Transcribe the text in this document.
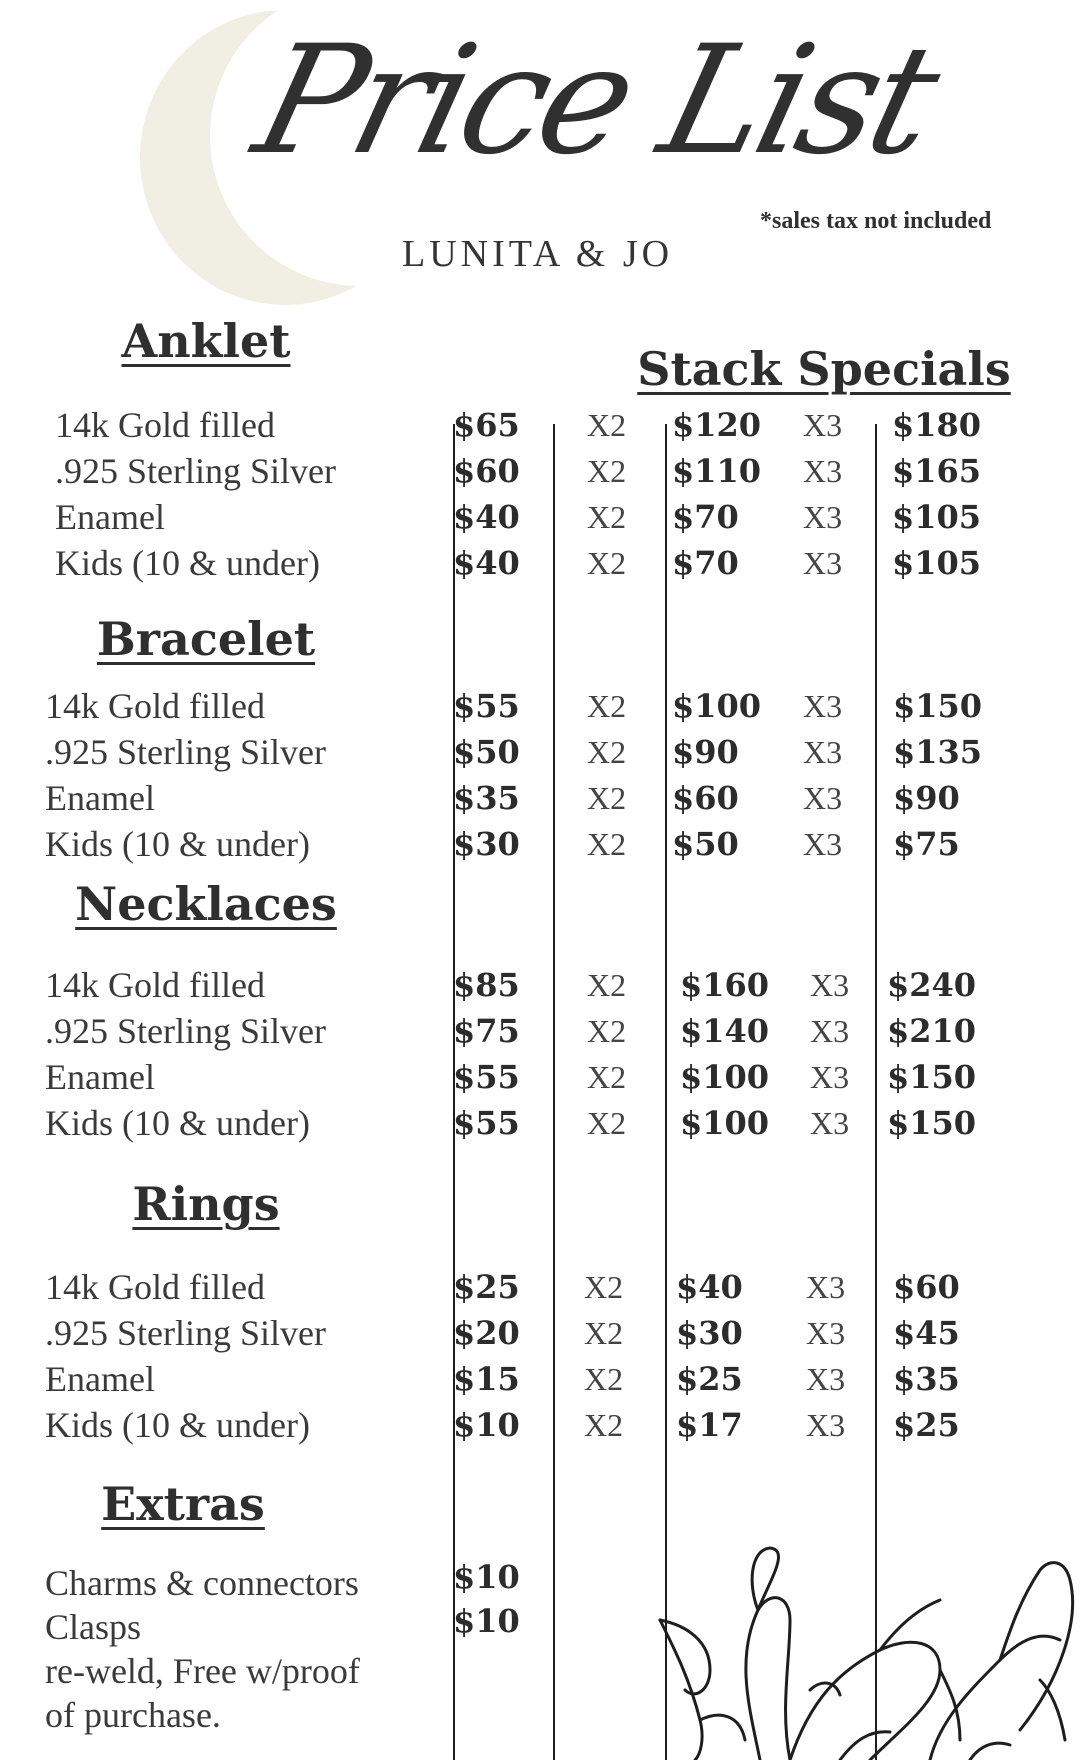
Price List
LUNITA & JO
*sales tax not included
Stack Specials
Anklet
14k Gold filled	$65 X2 $120 X3 $180
.925 Sterling Silver	$60 X2 $110 X3 $165
Enamel	$40 X2 $70 X3 $105
Kids (10 & under)	$40 X2 $70 X3 $105
Bracelet
14k Gold filled	$55 X2 $100 X3 $150
.925 Sterling Silver	$50 X2 $90 X3 $135
Enamel	$35 X2 $60 X3 $90
Kids (10 & under)	$30 X2 $50 X3 $75
Necklaces
14k Gold filled	$85 X2 $160 X3 $240
.925 Sterling Silver	$75 X2 $140 X3 $210
Enamel	$55 X2 $100 X3 $150
Kids (10 & under)	$55 X2 $100 X3 $150
Rings
14k Gold filled	$25 X2 $40 X3 $60
.925 Sterling Silver	$20 X2 $30 X3 $45
Enamel	$15 X2 $25 X3 $35
Kids (10 & under)	$10 X2 $17 X3 $25
Extras
Charms & connectors	$10
Clasps	$10
re-weld, Free w/proof
of purchase.
